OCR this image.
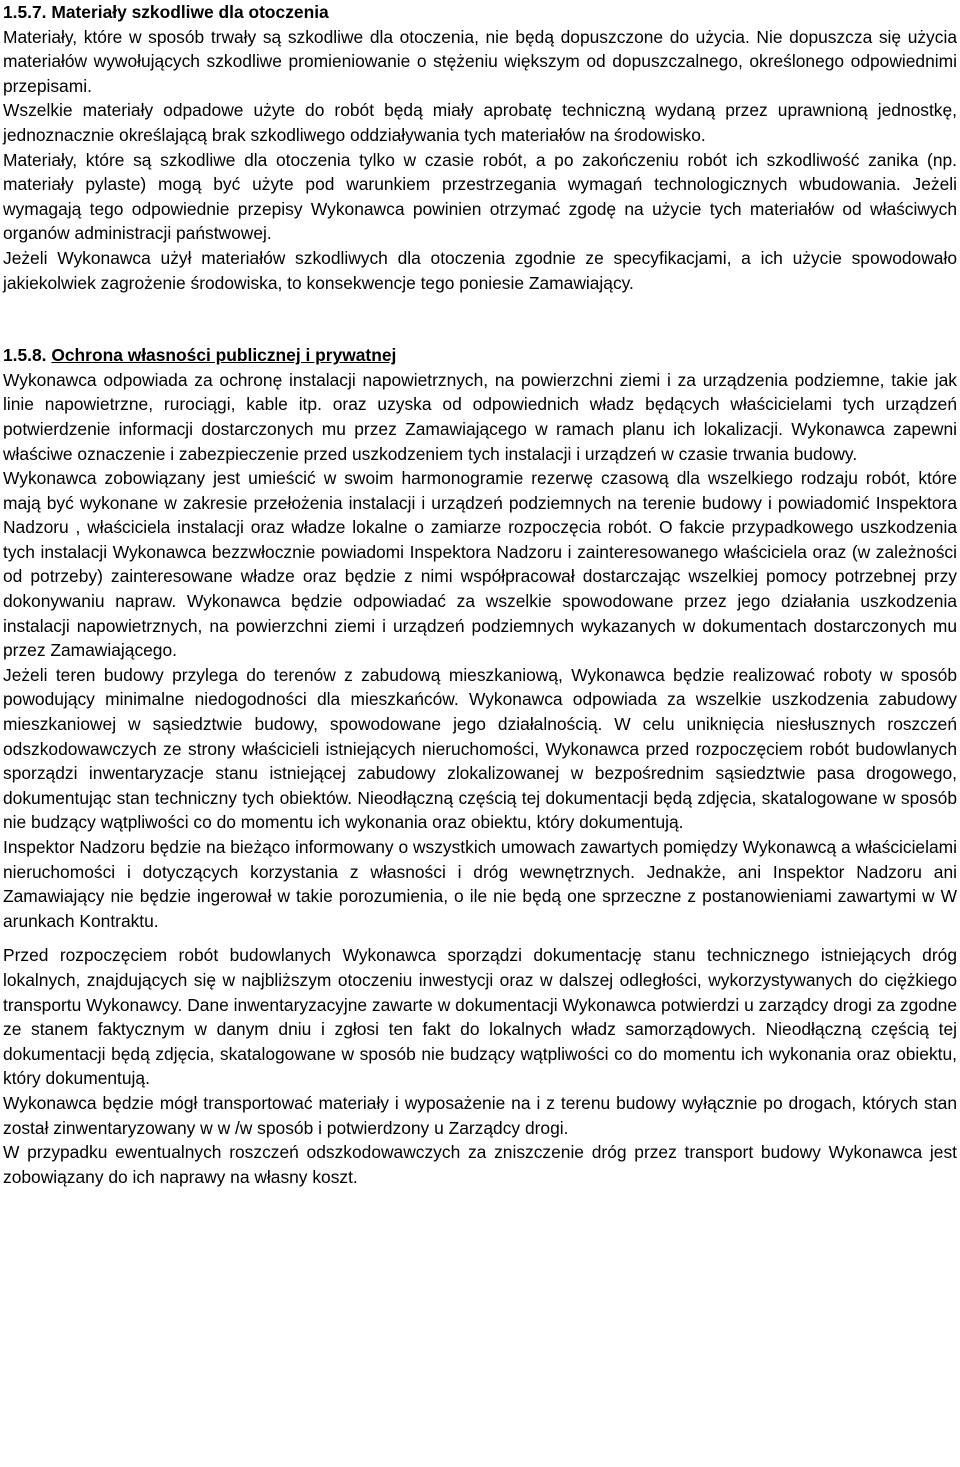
1.5.7. Materiały szkodliwe dla otoczenia

Materiały, które w sposób trwały są szkodliwe dla otoczenia, nie będą dopuszczone do użycia. Nie dopuszcza się użycia materiałów wywołujących szkodliwe promieniowanie o stężeniu większym od dopuszczalnego, określonego odpowiednimi przepisami.

Wszelkie materiały odpadowe użyte do robót będą miały aprobatę techniczną wydaną przez uprawnioną jednostkę, jednoznacznie określającą brak szkodliwego oddziaływania tych materiałów na środowisko.

Materiały, które są szkodliwe dla otoczenia tylko w czasie robót, a po zakończeniu robót ich szkodliwość zanika (np. materiały pylaste) mogą być użyte pod warunkiem przestrzegania wymagań technologicznych wbudowania. Jeżeli wymagają tego odpowiednie przepisy Wykonawca powinien otrzymać zgodę na użycie tych materiałów od właściwych organów administracji państwowej.

Jeżeli Wykonawca użył materiałów szkodliwych dla otoczenia zgodnie ze specyfikacjami, a ich użycie spowodowało jakiekolwiek zagrożenie środowiska, to konsekwencje tego poniesie Zamawiający.

1.5.8. Ochrona własności publicznej i prywatnej

Wykonawca odpowiada za ochronę instalacji napowietrznych, na powierzchni ziemi i za urządzenia podziemne, takie jak linie napowietrzne, rurociągi, kable itp. oraz uzyska od odpowiednich władz będących właścicielami tych urządzeń potwierdzenie informacji dostarczonych mu przez Zamawiającego w ramach planu ich lokalizacji. Wykonawca zapewni właściwe oznaczenie i zabezpieczenie przed uszkodzeniem tych instalacji i urządzeń w czasie trwania budowy.

Wykonawca zobowiązany jest umieścić w swoim harmonogramie rezerwę czasową dla wszelkiego rodzaju robót, które mają być wykonane w zakresie przełożenia instalacji i urządzeń podziemnych na terenie budowy i powiadomić Inspektora Nadzoru , właściciela instalacji oraz władze lokalne o zamiarze rozpoczęcia robót. O fakcie przypadkowego uszkodzenia tych instalacji Wykonawca bezzwłocznie powiadomi Inspektora Nadzoru i zainteresowanego właściciela oraz (w zależności od potrzeby) zainteresowane władze oraz będzie z nimi współpracował dostarczając wszelkiej pomocy potrzebnej przy dokonywaniu napraw. Wykonawca będzie odpowiadać za wszelkie spowodowane przez jego działania uszkodzenia instalacji napowietrznych, na powierzchni ziemi i urządzeń podziemnych wykazanych w dokumentach dostarczonych mu przez Zamawiającego.

Jeżeli teren budowy przylega do terenów z zabudową mieszkaniową, Wykonawca będzie realizować roboty w sposób powodujący minimalne niedogodności dla mieszkańców. Wykonawca odpowiada za wszelkie uszkodzenia zabudowy mieszkaniowej w sąsiedztwie budowy, spowodowane jego działalnością. W celu uniknięcia niesłusznych roszczeń odszkodowawczych ze strony właścicieli istniejących nieruchomości, Wykonawca przed rozpoczęciem robót budowlanych sporządzi inwentaryzacje stanu istniejącej zabudowy zlokalizowanej w bezpośrednim sąsiedztwie pasa drogowego, dokumentując stan techniczny tych obiektów. Nieodłączną częścią tej dokumentacji będą zdjęcia, skatalogowane w sposób nie budzący wątpliwości co do momentu ich wykonania oraz obiektu, który dokumentują.

Inspektor Nadzoru będzie na bieżąco informowany o wszystkich umowach zawartych pomiędzy Wykonawcą a właścicielami nieruchomości i dotyczących korzystania z własności i dróg wewnętrznych. Jednakże, ani Inspektor Nadzoru ani Zamawiający nie będzie ingerował w takie porozumienia, o ile nie będą one sprzeczne z postanowieniami zawartymi w W arunkach Kontraktu.

Przed rozpoczęciem robót budowlanych Wykonawca sporządzi dokumentację stanu technicznego istniejących dróg lokalnych, znajdujących się w najbliższym otoczeniu inwestycji oraz w dalszej odległości, wykorzystywanych do ciężkiego transportu Wykonawcy. Dane inwentaryzacyjne zawarte w dokumentacji Wykonawca potwierdzi u zarządcy drogi za zgodne ze stanem faktycznym w danym dniu i zgłosi ten fakt do lokalnych władz samorządowych. Nieodłączną częścią tej dokumentacji będą zdjęcia, skatalogowane w sposób nie budzący wątpliwości co do momentu ich wykonania oraz obiektu, który dokumentują.

Wykonawca będzie mógł transportować materiały i wyposażenie na i z terenu budowy wyłącznie po drogach, których stan został zinwentaryzowany w w /w sposób i potwierdzony u Zarządcy drogi.

W przypadku ewentualnych roszczeń odszkodowawczych za zniszczenie dróg przez transport budowy Wykonawca jest zobowiązany do ich naprawy na własny koszt.
